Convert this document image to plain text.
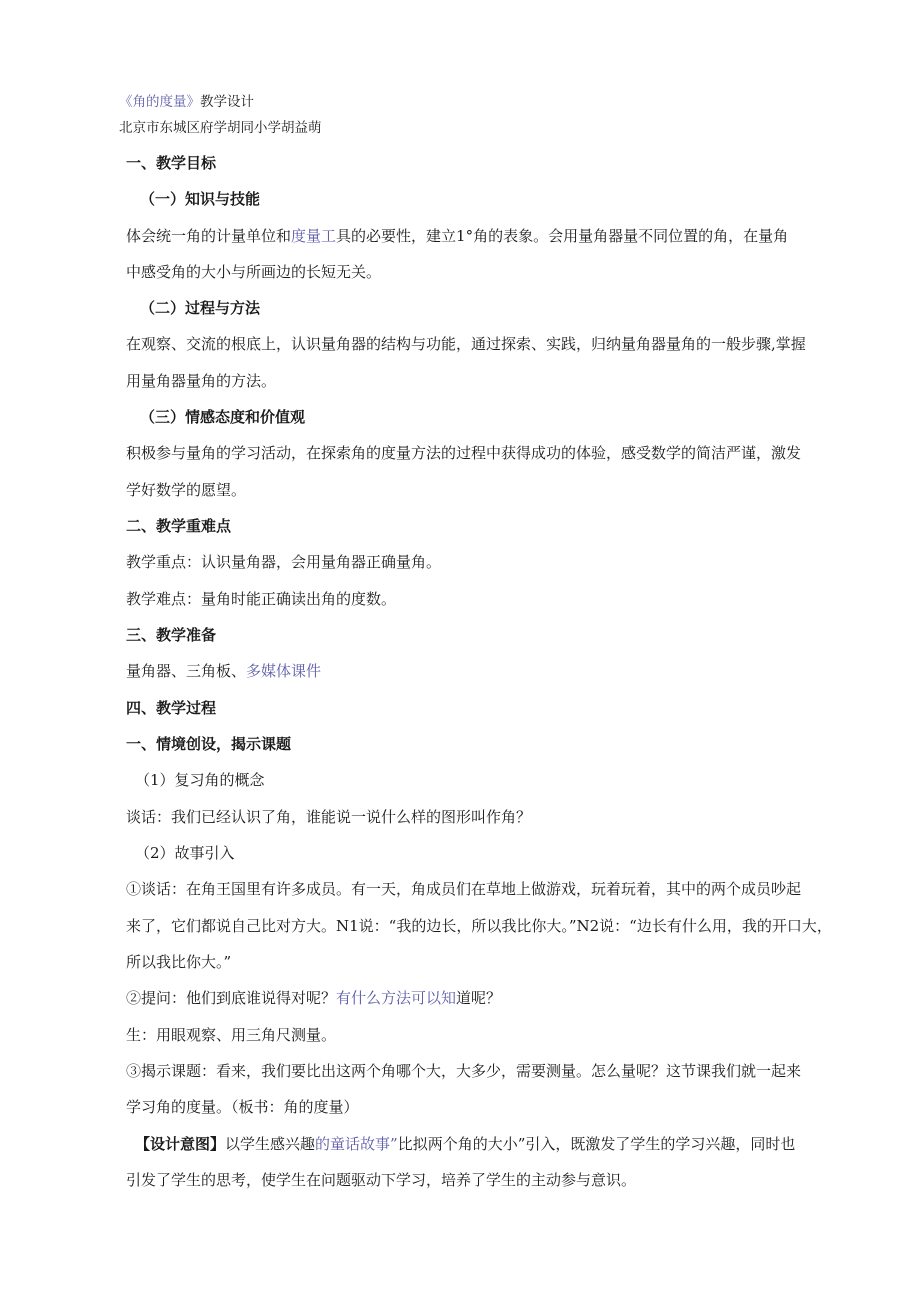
《角的度量》教学设计
北京市东城区府学胡同小学胡益萌
一、教学目标
（一）知识与技能
体会统一角的计量单位和度量工具的必要性，建立1°角的表象。会用量角器量不同位置的角，在量角
中感受角的大小与所画边的长短无关。
（二）过程与方法
在观察、交流的根底上，认识量角器的结构与功能，通过探索、实践，归纳量角器量角的一般步骤,掌握
用量角器量角的方法。
（三）情感态度和价值观
积极参与量角的学习活动，在探索角的度量方法的过程中获得成功的体验，感受数学的简洁严谨，激发
学好数学的愿望。
二、教学重难点
教学重点：认识量角器，会用量角器正确量角。
教学难点：量角时能正确读出角的度数。
三、教学准备
量角器、三角板、多媒体课件
四、教学过程
一、情境创设，揭示课题
（1）复习角的概念
谈话：我们已经认识了角，谁能说一说什么样的图形叫作角？
（2）故事引入
①谈话：在角王国里有许多成员。有一天，角成员们在草地上做游戏，玩着玩着，其中的两个成员吵起
来了，它们都说自己比对方大。N1说：“我的边长，所以我比你大。”N2说：“边长有什么用，我的开口大，
所以我比你大。”
②提问：他们到底谁说得对呢？有什么方法可以知道呢？
生：用眼观察、用三角尺测量。
③揭示课题：看来，我们要比出这两个角哪个大，大多少，需要测量。怎么量呢？这节课我们就一起来
学习角的度量。（板书：角的度量）
【设计意图】以学生感兴趣的童话故事”比拟两个角的大小”引入，既激发了学生的学习兴趣，同时也
引发了学生的思考，使学生在问题驱动下学习，培养了学生的主动参与意识。
